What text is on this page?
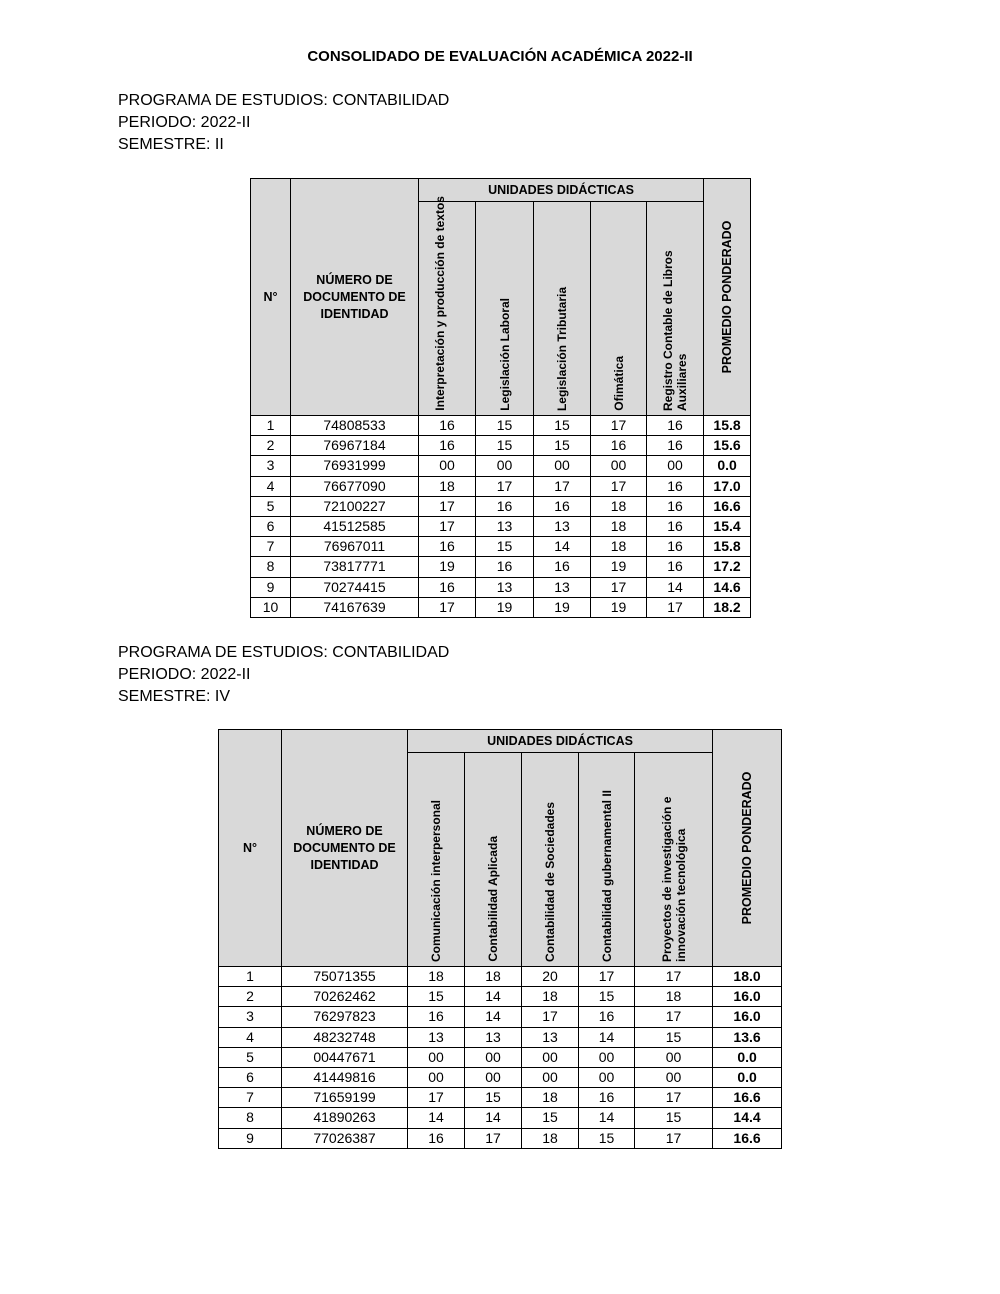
CONSOLIDADO DE EVALUACIÓN ACADÉMICA 2022-II
PROGRAMA DE ESTUDIOS: CONTABILIDAD
PERIODO: 2022-II
SEMESTRE: II
N°	NÚMERO DE DOCUMENTO DE IDENTIDAD	UNIDADES DIDÁCTICAS					PROMEDIO PONDERADO

		Interpretación y producción de textos	Legislación Laboral	Legislación Tributaria	Ofimática	Registro Contable de Libros Auxiliares	

1	74808533	16	15	15	17	16	15.8
2	76967184	16	15	15	16	16	15.6
3	76931999	00	00	00	00	00	0.0
4	76677090	18	17	17	17	16	17.0
5	72100227	17	16	16	18	16	16.6
6	41512585	17	13	13	18	16	15.4
7	76967011	16	15	14	18	16	15.8
8	73817771	19	16	16	19	16	17.2
9	70274415	16	13	13	17	14	14.6
10	74167639	17	19	19	19	17	18.2
PROGRAMA DE ESTUDIOS: CONTABILIDAD
PERIODO: 2022-II
SEMESTRE: IV
N°	NÚMERO DE DOCUMENTO DE IDENTIDAD	UNIDADES DIDÁCTICAS					PROMEDIO PONDERADO

		Comunicación interpersonal	Contabilidad Aplicada	Contabilidad de Sociedades	Contabilidad gubernamental II	Proyectos de investigación e innovación tecnológica	

1	75071355	18	18	20	17	17	18.0
2	70262462	15	14	18	15	18	16.0
3	76297823	16	14	17	16	17	16.0
4	48232748	13	13	13	14	15	13.6
5	00447671	00	00	00	00	00	0.0
6	41449816	00	00	00	00	00	0.0
7	71659199	17	15	18	16	17	16.6
8	41890263	14	14	15	14	15	14.4
9	77026387	16	17	18	15	17	16.6
